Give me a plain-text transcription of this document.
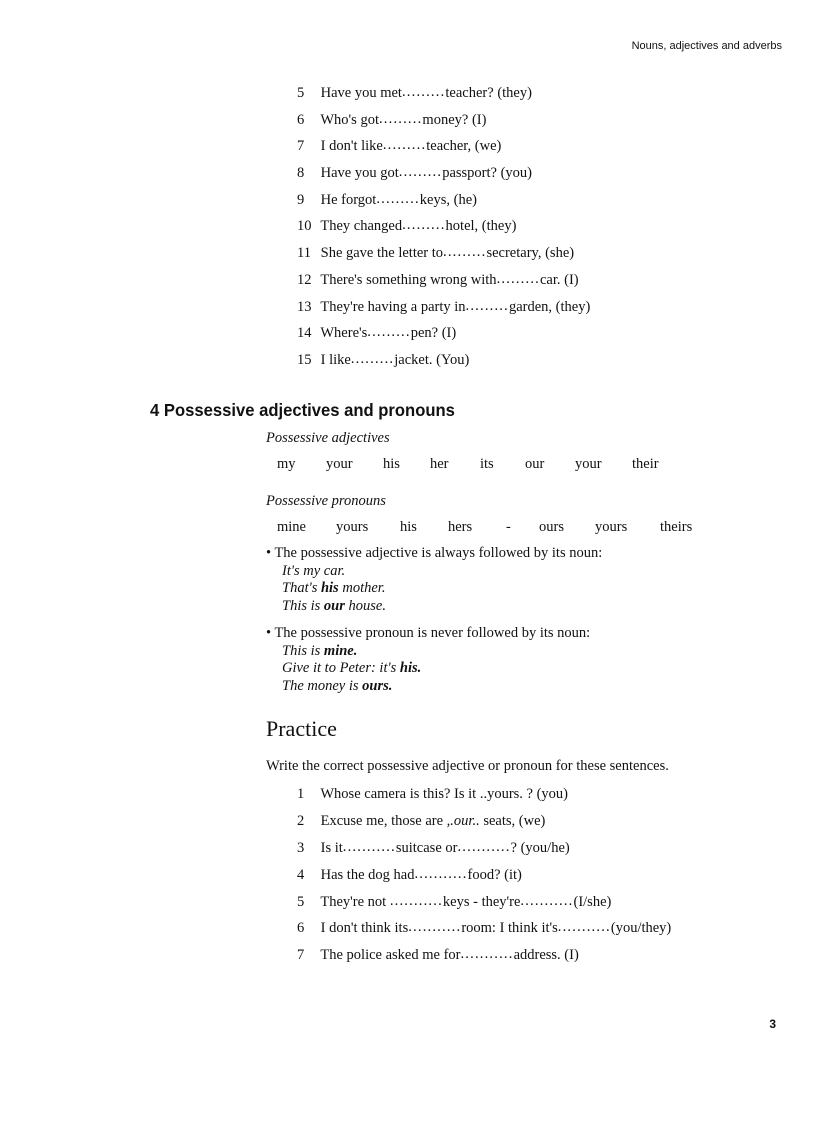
Nouns, adjectives and adverbs
5 Have you met.........teacher? (they)
6 Who's got.........money? (I)
7 I don't like.........teacher, (we)
8 Have you got.........passport? (you)
9 He forgot.........keys, (he)
10 They changed.........hotel, (they)
11 She gave the letter to.........secretary, (she)
12 There's something wrong with.........car. (I)
13 They're having a party in.........garden, (they)
14 Where's.........pen? (I)
15 I like.........jacket. (You)
4 Possessive adjectives and pronouns
Possessive adjectives
my your his her its our your their
Possessive pronouns
mine yours his hers - ours yours theirs
• The possessive adjective is always followed by its noun:
It's my car.
That's his mother.
This is our house.
• The possessive pronoun is never followed by its noun:
This is mine.
Give it to Peter: it's his.
The money is ours.
Practice
Write the correct possessive adjective or pronoun for these sentences.
1 Whose camera is this? Is it ..yours. ? (you)
2 Excuse me, those are ,.our.. seats, (we)
3 Is it...........suitcase or...........? (you/he)
4 Has the dog had...........food? (it)
5 They're not ...........keys - they're...........(I/she)
6 I don't think its...........room: I think it's...........(you/they)
7 The police asked me for...........address. (I)
3
